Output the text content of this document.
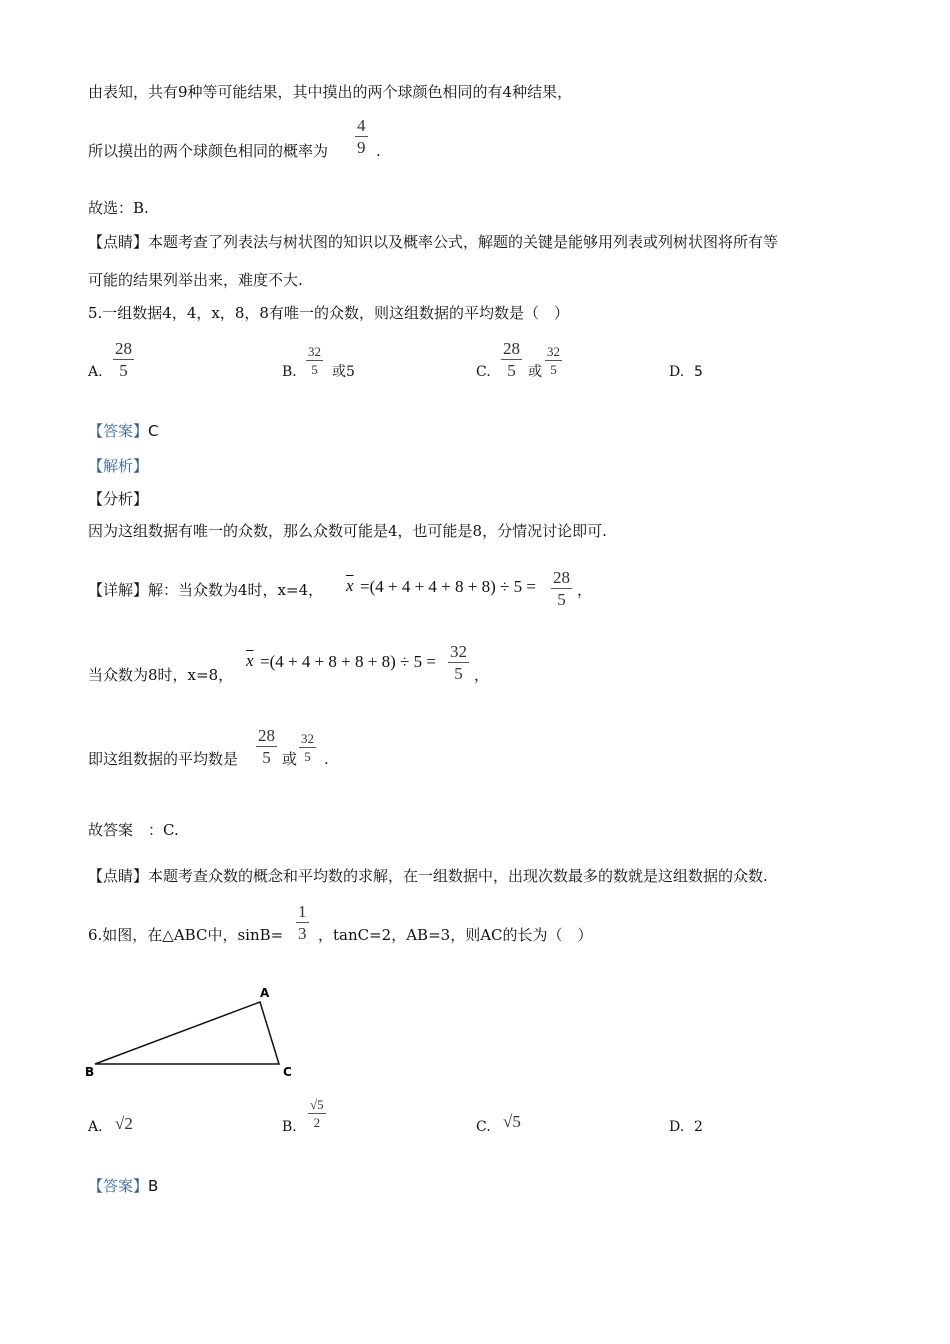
由表知，共有9种等可能结果，其中摸出的两个球颜色相同的有4种结果，
所以摸出的两个球颜色相同的概率为 $\frac{4}{9}$ .
故选：B.
【点睛】本题考查了列表法与树状图的知识以及概率公式，解题的关键是能够用列表或列树状图将所有等
可能的结果列举出来，难度不大.
5.一组数据4，4，x，8，8有唯一的众数，则这组数据的平均数是（　）
A. $\frac{28}{5}$	B. $\frac{32}{5}$ 或5	C. $\frac{28}{5}$ 或 $\frac{32}{5}$	D. 5
【答案】C
【解析】
【分析】
因为这组数据有唯一的众数，那么众数可能是4，也可能是8，分情况讨论即可.
【详解】解：当众数为4时，x=4， $\overline{x} =(4 + 4 + 4 + 8 + 8) \div 5 = \frac{28}{5}$ ，
当众数为8时，x=8，
$\overline{x} =(4 + 4 + 8 + 8 + 8) \div 5 = \frac{32}{5}$ ，
即这组数据的平均数是 $\frac{28}{5}$ 或 $\frac{32}{5}$ .
故答案　：C.
【点睛】本题考查众数的概念和平均数的求解，在一组数据中，出现次数最多的数就是这组数据的众数.
6.如图，在△ABC中，$\sin B= \frac{1}{3}$ ，tanC=2，AB=3，则AC的长为（　）
A
B	C
A. √2	B. $\frac{√5}{2}$	C. √5	D. 2
【答案】B
